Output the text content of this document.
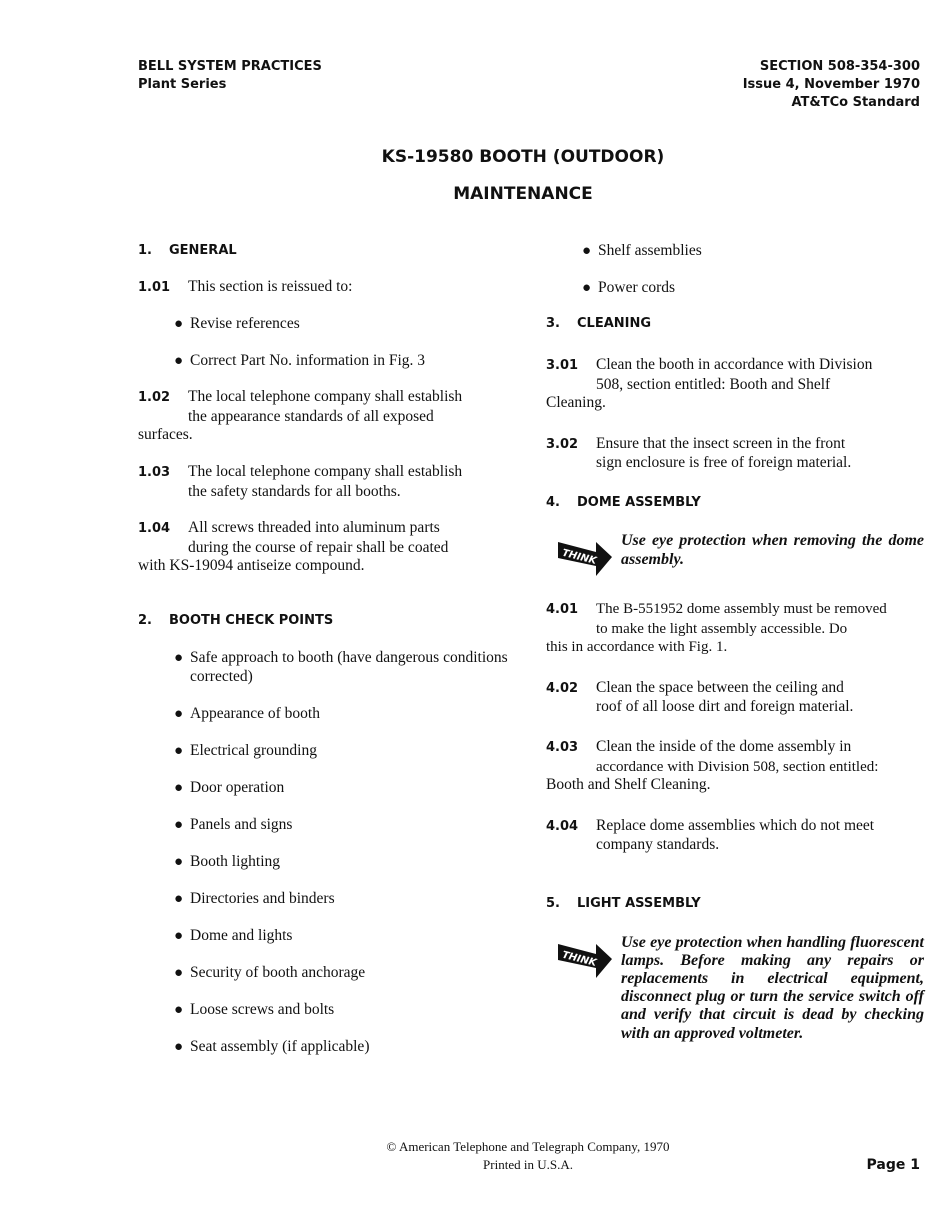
BELL SYSTEM PRACTICES
Plant Series
SECTION 508-354-300
Issue 4, November 1970
AT&TCo Standard
KS-19580 BOOTH (OUTDOOR)
MAINTENANCE

1. GENERAL

1.01 This section is reissued to:

● Revise references

● Correct Part No. information in Fig. 3

1.02 The local telephone company shall establish
the appearance standards of all exposed
surfaces.

1.03 The local telephone company shall establish
the safety standards for all booths.

1.04 All screws threaded into aluminum parts
during the course of repair shall be coated
with KS-19094 antiseize compound.

2. BOOTH CHECK POINTS

● Safe approach to booth (have dangerous conditions corrected)

● Appearance of booth

● Electrical grounding

● Door operation

● Panels and signs

● Booth lighting

● Directories and binders

● Dome and lights

● Security of booth anchorage

● Loose screws and bolts

● Seat assembly (if applicable)

● Shelf assemblies

● Power cords

3. CLEANING

3.01 Clean the booth in accordance with Division
508, section entitled: Booth and Shelf
Cleaning.

3.02 Ensure that the insect screen in the front
sign enclosure is free of foreign material.

4. DOME ASSEMBLY

THINK
Use eye protection when removing the dome assembly.

4.01 The B-551952 dome assembly must be removed
to make the light assembly accessible. Do
this in accordance with Fig. 1.

4.02 Clean the space between the ceiling and
roof of all loose dirt and foreign material.

4.03 Clean the inside of the dome assembly in
accordance with Division 508, section entitled:
Booth and Shelf Cleaning.

4.04 Replace dome assemblies which do not meet
company standards.

5. LIGHT ASSEMBLY

THINK
Use eye protection when handling fluorescent lamps. Before making any repairs or replacements in electrical equipment, disconnect plug or turn the service switch off and verify that circuit is dead by checking with an approved voltmeter.
© American Telephone and Telegraph Company, 1970
Printed in U.S.A.	Page 1
